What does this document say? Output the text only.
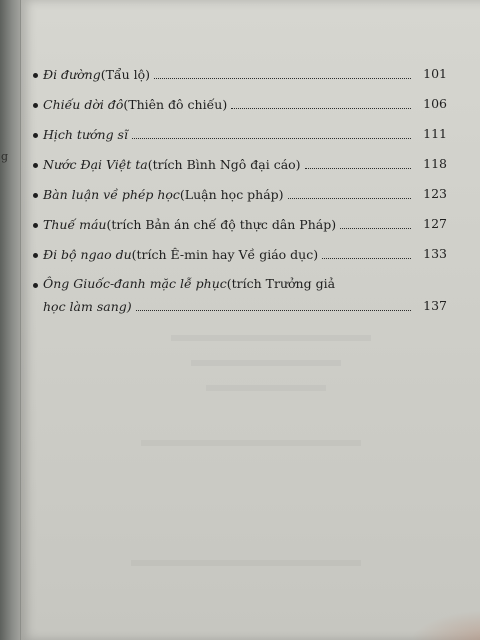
g
Đi đường (Tẩu lộ)	101
Chiếu dời đô (Thiên đô chiếu)	106
Hịch tướng sĩ	111
Nước Đại Việt ta (trích Bình Ngô đại cáo)	118
Bàn luận về phép học (Luận học pháp)	123
Thuế máu (trích Bản án chế độ thực dân Pháp)	127
Đi bộ ngao du (trích Ê-min hay Về giáo dục)	133
Ông Giuốc-đanh mặc lễ phục (trích Trưởng giả
học làm sang)	137
